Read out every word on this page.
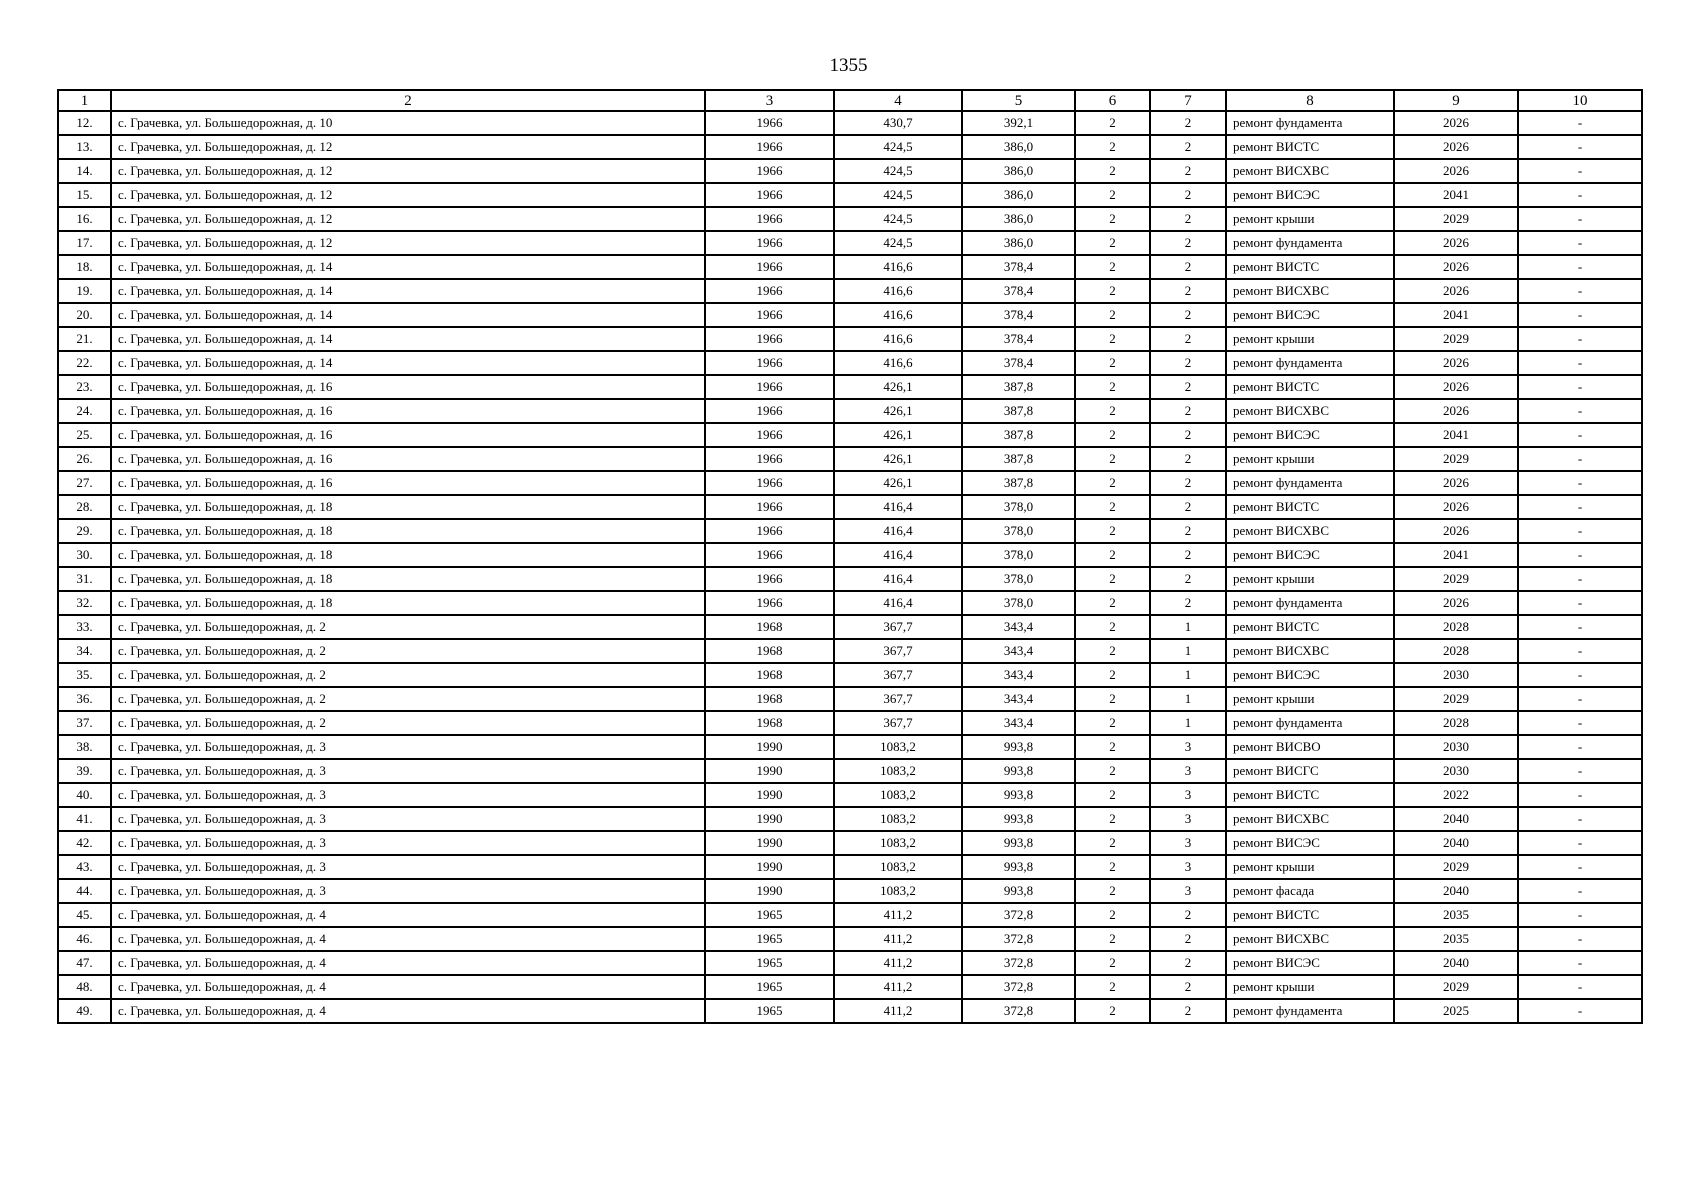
1355
1	2	3	4	5	6	7	8	9	10
12.	с. Грачевка, ул. Большедорожная, д. 10	1966	430,7	392,1	2	2	ремонт фундамента	2026	-
13.	с. Грачевка, ул. Большедорожная, д. 12	1966	424,5	386,0	2	2	ремонт ВИСТС	2026	-
14.	с. Грачевка, ул. Большедорожная, д. 12	1966	424,5	386,0	2	2	ремонт ВИСХВС	2026	-
15.	с. Грачевка, ул. Большедорожная, д. 12	1966	424,5	386,0	2	2	ремонт ВИСЭС	2041	-
16.	с. Грачевка, ул. Большедорожная, д. 12	1966	424,5	386,0	2	2	ремонт крыши	2029	-
17.	с. Грачевка, ул. Большедорожная, д. 12	1966	424,5	386,0	2	2	ремонт фундамента	2026	-
18.	с. Грачевка, ул. Большедорожная, д. 14	1966	416,6	378,4	2	2	ремонт ВИСТС	2026	-
19.	с. Грачевка, ул. Большедорожная, д. 14	1966	416,6	378,4	2	2	ремонт ВИСХВС	2026	-
20.	с. Грачевка, ул. Большедорожная, д. 14	1966	416,6	378,4	2	2	ремонт ВИСЭС	2041	-
21.	с. Грачевка, ул. Большедорожная, д. 14	1966	416,6	378,4	2	2	ремонт крыши	2029	-
22.	с. Грачевка, ул. Большедорожная, д. 14	1966	416,6	378,4	2	2	ремонт фундамента	2026	-
23.	с. Грачевка, ул. Большедорожная, д. 16	1966	426,1	387,8	2	2	ремонт ВИСТС	2026	-
24.	с. Грачевка, ул. Большедорожная, д. 16	1966	426,1	387,8	2	2	ремонт ВИСХВС	2026	-
25.	с. Грачевка, ул. Большедорожная, д. 16	1966	426,1	387,8	2	2	ремонт ВИСЭС	2041	-
26.	с. Грачевка, ул. Большедорожная, д. 16	1966	426,1	387,8	2	2	ремонт крыши	2029	-
27.	с. Грачевка, ул. Большедорожная, д. 16	1966	426,1	387,8	2	2	ремонт фундамента	2026	-
28.	с. Грачевка, ул. Большедорожная, д. 18	1966	416,4	378,0	2	2	ремонт ВИСТС	2026	-
29.	с. Грачевка, ул. Большедорожная, д. 18	1966	416,4	378,0	2	2	ремонт ВИСХВС	2026	-
30.	с. Грачевка, ул. Большедорожная, д. 18	1966	416,4	378,0	2	2	ремонт ВИСЭС	2041	-
31.	с. Грачевка, ул. Большедорожная, д. 18	1966	416,4	378,0	2	2	ремонт крыши	2029	-
32.	с. Грачевка, ул. Большедорожная, д. 18	1966	416,4	378,0	2	2	ремонт фундамента	2026	-
33.	с. Грачевка, ул. Большедорожная, д. 2	1968	367,7	343,4	2	1	ремонт ВИСТС	2028	-
34.	с. Грачевка, ул. Большедорожная, д. 2	1968	367,7	343,4	2	1	ремонт ВИСХВС	2028	-
35.	с. Грачевка, ул. Большедорожная, д. 2	1968	367,7	343,4	2	1	ремонт ВИСЭС	2030	-
36.	с. Грачевка, ул. Большедорожная, д. 2	1968	367,7	343,4	2	1	ремонт крыши	2029	-
37.	с. Грачевка, ул. Большедорожная, д. 2	1968	367,7	343,4	2	1	ремонт фундамента	2028	-
38.	с. Грачевка, ул. Большедорожная, д. 3	1990	1083,2	993,8	2	3	ремонт ВИСВО	2030	-
39.	с. Грачевка, ул. Большедорожная, д. 3	1990	1083,2	993,8	2	3	ремонт ВИСГС	2030	-
40.	с. Грачевка, ул. Большедорожная, д. 3	1990	1083,2	993,8	2	3	ремонт ВИСТС	2022	-
41.	с. Грачевка, ул. Большедорожная, д. 3	1990	1083,2	993,8	2	3	ремонт ВИСХВС	2040	-
42.	с. Грачевка, ул. Большедорожная, д. 3	1990	1083,2	993,8	2	3	ремонт ВИСЭС	2040	-
43.	с. Грачевка, ул. Большедорожная, д. 3	1990	1083,2	993,8	2	3	ремонт крыши	2029	-
44.	с. Грачевка, ул. Большедорожная, д. 3	1990	1083,2	993,8	2	3	ремонт фасада	2040	-
45.	с. Грачевка, ул. Большедорожная, д. 4	1965	411,2	372,8	2	2	ремонт ВИСТС	2035	-
46.	с. Грачевка, ул. Большедорожная, д. 4	1965	411,2	372,8	2	2	ремонт ВИСХВС	2035	-
47.	с. Грачевка, ул. Большедорожная, д. 4	1965	411,2	372,8	2	2	ремонт ВИСЭС	2040	-
48.	с. Грачевка, ул. Большедорожная, д. 4	1965	411,2	372,8	2	2	ремонт крыши	2029	-
49.	с. Грачевка, ул. Большедорожная, д. 4	1965	411,2	372,8	2	2	ремонт фундамента	2025	-
